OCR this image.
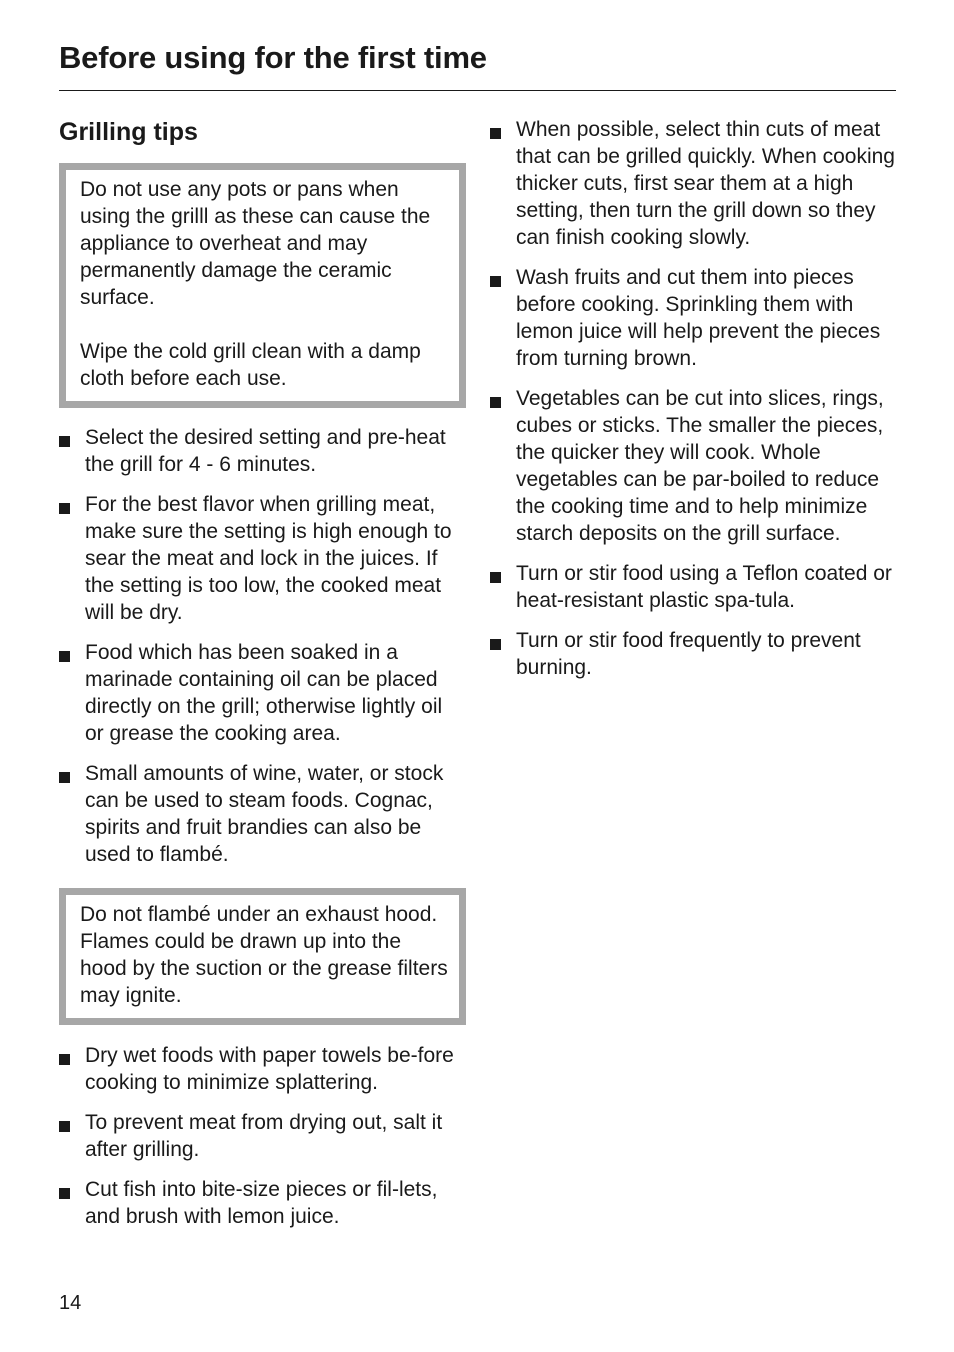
Before using for the first time
Grilling tips

Do not use any pots or pans when using the grilll as these can cause the appliance to overheat and may permanently damage the ceramic surface.

Wipe the cold grill clean with a damp cloth before each use.

Select the desired setting and pre-heat the grill for 4 - 6 minutes.
For the best flavor when grilling meat, make sure the setting is high enough to sear the meat and lock in the juices. If the setting is too low, the cooked meat will be dry.
Food which has been soaked in a marinade containing oil can be placed directly on the grill; otherwise lightly oil or grease the cooking area.
Small amounts of wine, water, or stock can be used to steam foods. Cognac, spirits and fruit brandies can also be used to flambé.

Do not flambé under an exhaust hood. Flames could be drawn up into the hood by the suction or the grease filters may ignite.

Dry wet foods with paper towels be-fore cooking to minimize splattering.
To prevent meat from drying out, salt it after grilling.
Cut fish into bite-size pieces or fil-lets, and brush with lemon juice.
When possible, select thin cuts of meat that can be grilled quickly. When cooking thicker cuts, first sear them at a high setting, then turn the grill down so they can finish cooking slowly.
Wash fruits and cut them into pieces before cooking. Sprinkling them with lemon juice will help prevent the pieces from turning brown.
Vegetables can be cut into slices, rings, cubes or sticks. The smaller the pieces, the quicker they will cook. Whole vegetables can be par-boiled to reduce the cooking time and to help minimize starch deposits on the grill surface.
Turn or stir food using a Teflon coated or heat-resistant plastic spa-tula.
Turn or stir food frequently to prevent burning.
14
